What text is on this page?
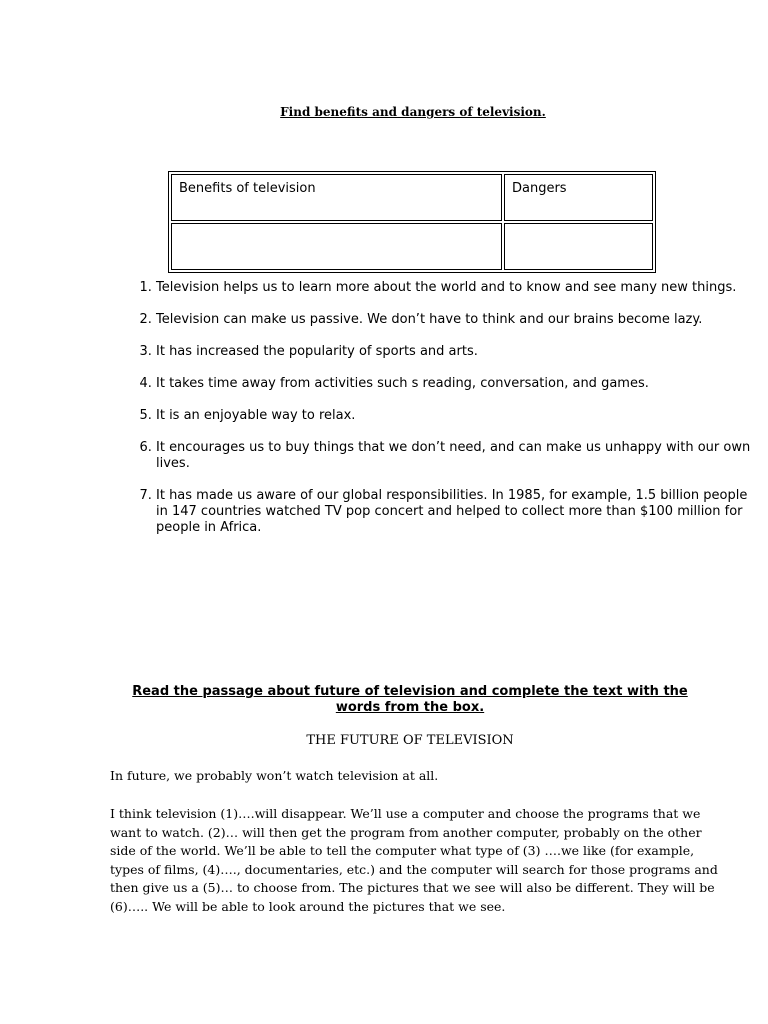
Find benefits and dangers of television.
Benefits of television	Dangers

1. Television helps us to learn more about the world and to know and see many new things.
2. Television can make us passive. We don’t have to think and our brains become lazy.
3. It has increased the popularity of sports and arts.
4. It takes time away from activities such s reading, conversation, and games.
5. It is an enjoyable way to relax.
6. It encourages us to buy things that we don’t need, and can make us unhappy with our own lives.
7. It has made us aware of our global responsibilities. In 1985, for example, 1.5 billion people in 147 countries watched TV pop concert and helped to collect more than $100 million for people in Africa.
Read the passage about future of television and complete the text with the words from the box.
THE FUTURE OF TELEVISION
In future, we probably won’t watch television at all.

I think television (1)….will disappear. We’ll use a computer and choose the programs that we
want to watch. (2)… will then get the program from another computer, probably on the other
side of the world. We’ll be able to tell the computer what type of (3) ….we like (for example,
types of films, (4)…., documentaries, etc.) and the computer will search for those programs and
then give us a (5)… to choose from. The pictures that we see will also be different. They will be
(6)….. We will be able to look around the pictures that we see.
